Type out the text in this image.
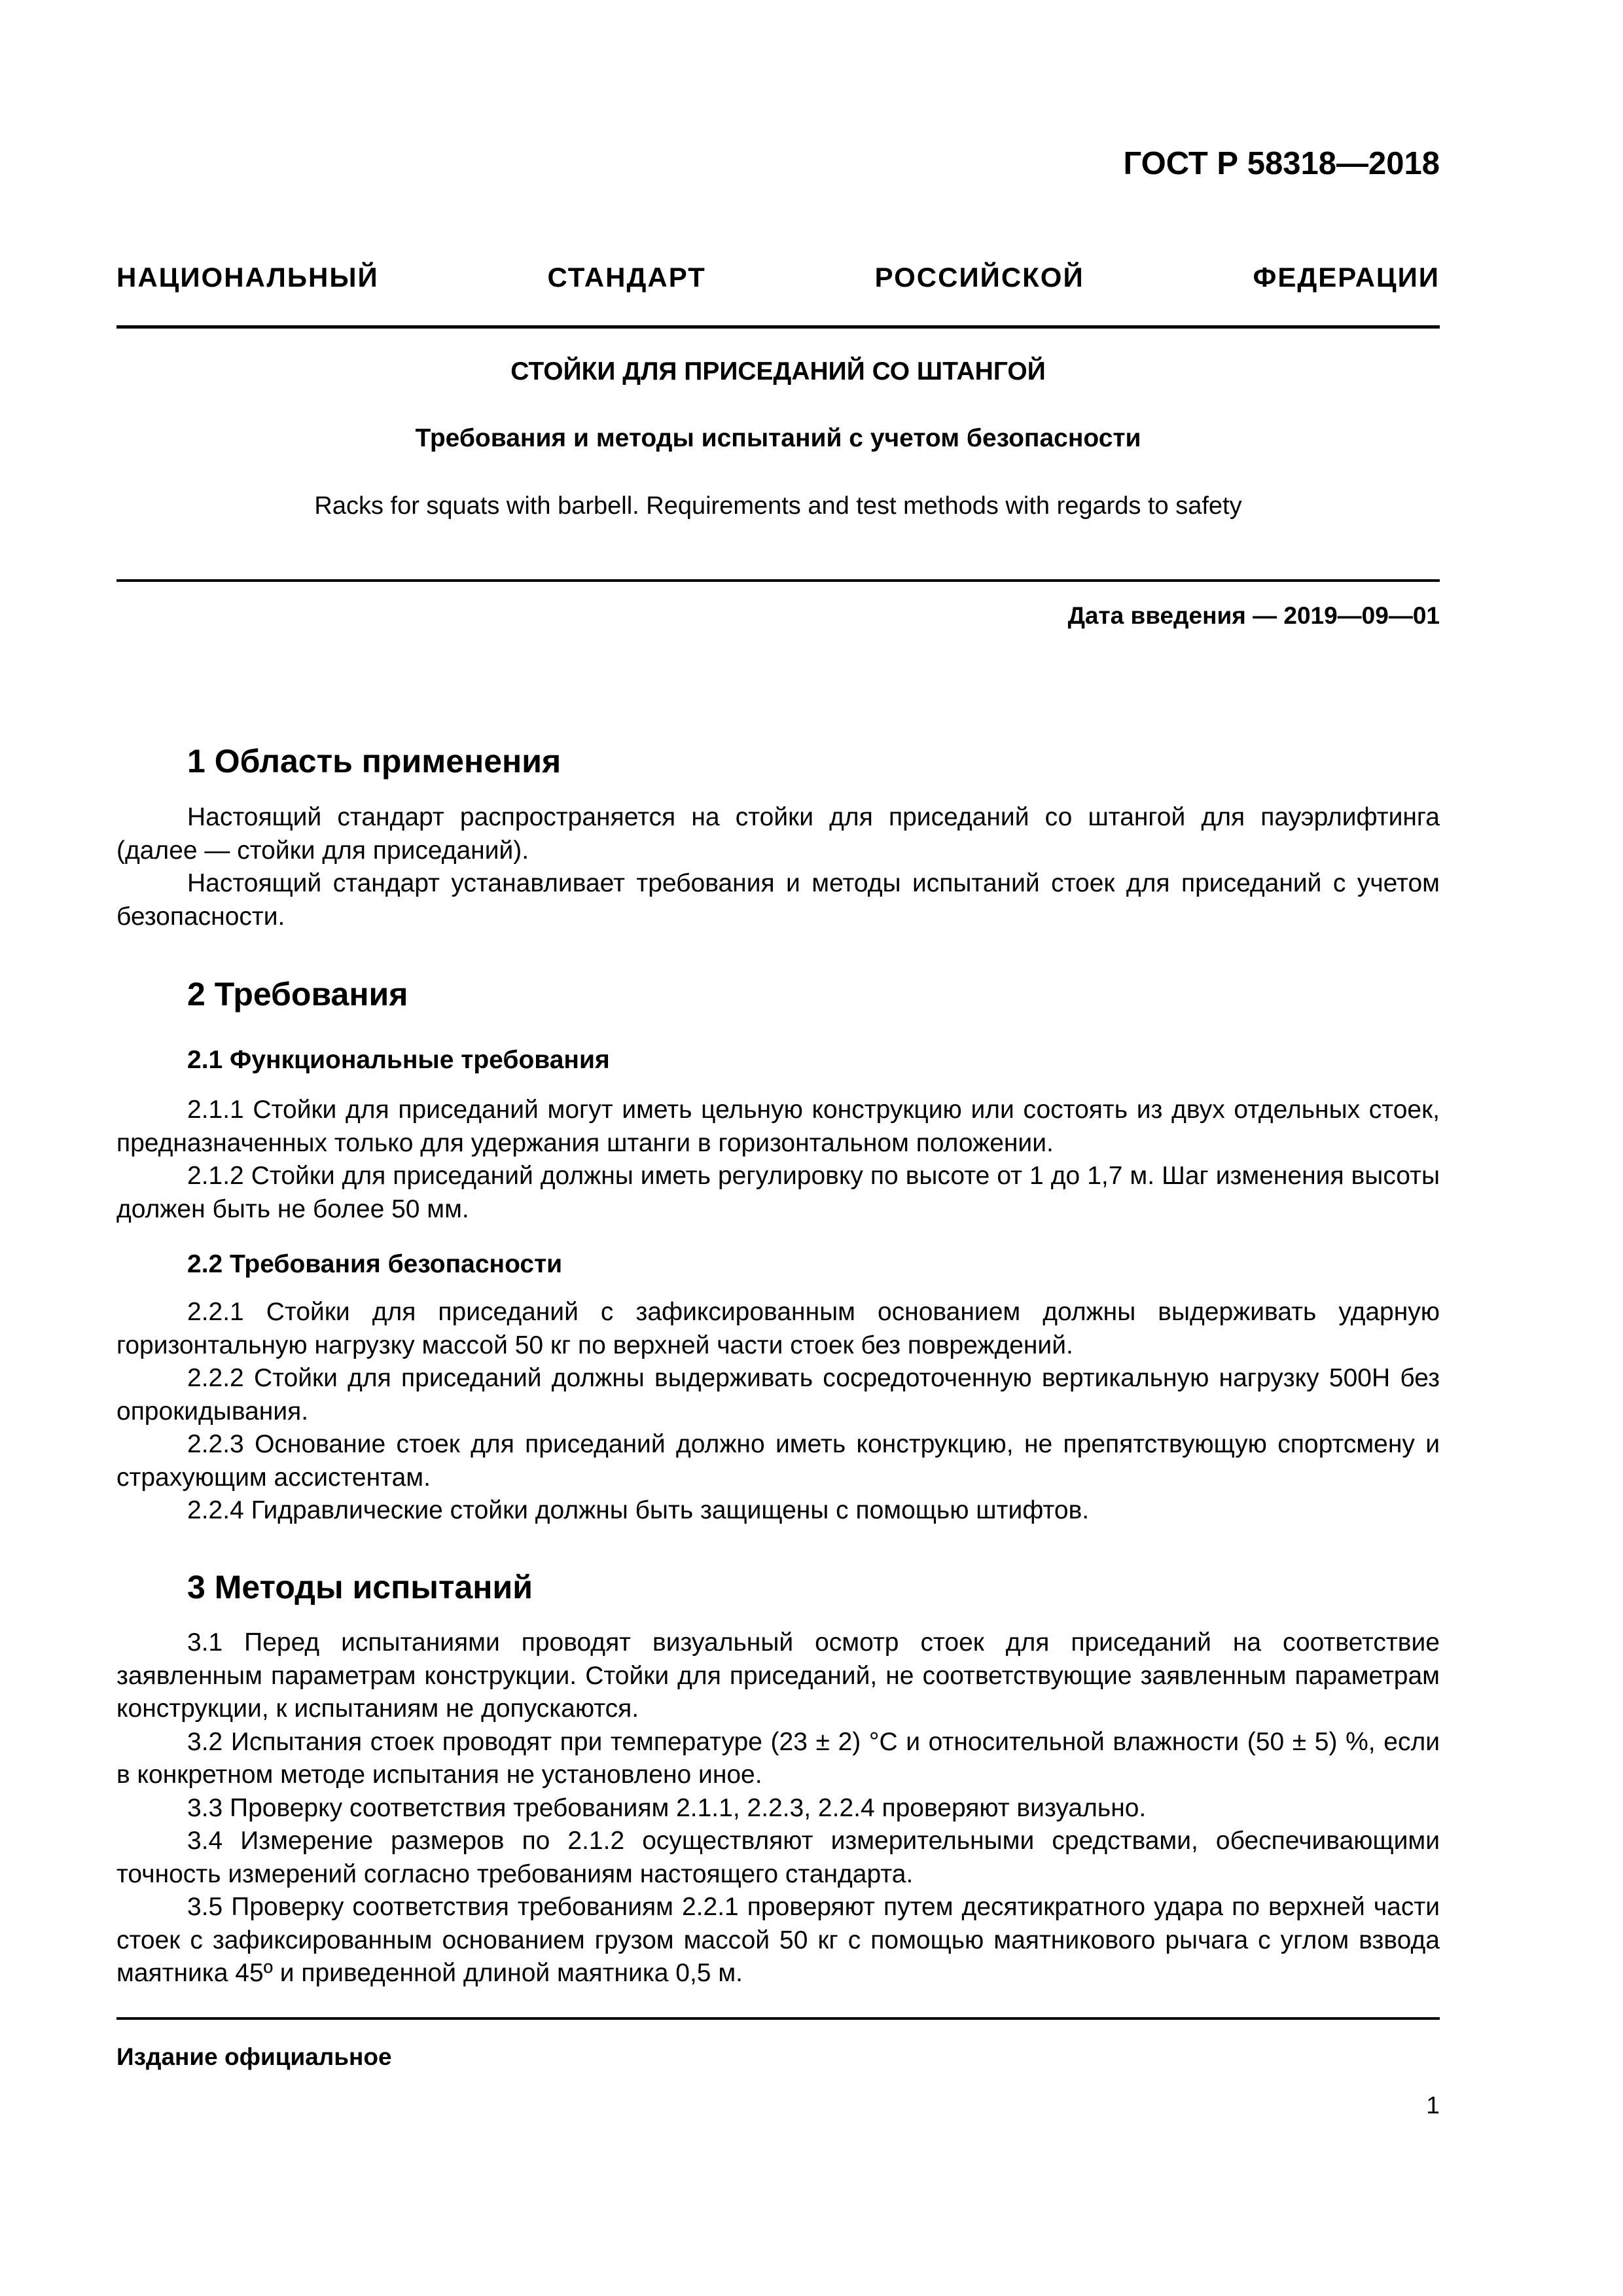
ГОСТ Р 58318—2018
НАЦИОНАЛЬНЫЙ СТАНДАРТ РОССИЙСКОЙ ФЕДЕРАЦИИ
СТОЙКИ ДЛЯ ПРИСЕДАНИЙ СО ШТАНГОЙ
Требования и методы испытаний с учетом безопасности
Racks for squats with barbell. Requirements and test methods with regards to safety
Дата введения — 2019—09—01
1 Область применения

Настоящий стандарт распространяется на стойки для приседаний со штангой для пауэрлифтинга (далее — стойки для приседаний).

Настоящий стандарт устанавливает требования и методы испытаний стоек для приседаний с учетом безопасности.

2 Требования
2.1 Функциональные требования

2.1.1 Стойки для приседаний могут иметь цельную конструкцию или состоять из двух отдельных стоек, предназначенных только для удержания штанги в горизонтальном положении.

2.1.2 Стойки для приседаний должны иметь регулировку по высоте от 1 до 1,7 м. Шаг изменения высоты должен быть не более 50 мм.

2.2 Требования безопасности

2.2.1 Стойки для приседаний с зафиксированным основанием должны выдерживать ударную горизонтальную нагрузку массой 50 кг по верхней части стоек без повреждений.

2.2.2 Стойки для приседаний должны выдерживать сосредоточенную вертикальную нагрузку 500Н без опрокидывания.

2.2.3 Основание стоек для приседаний должно иметь конструкцию, не препятствующую спортсмену и страхующим ассистентам.

2.2.4 Гидравлические стойки должны быть защищены с помощью штифтов.

3 Методы испытаний

3.1 Перед испытаниями проводят визуальный осмотр стоек для приседаний на соответствие заявленным параметрам конструкции. Стойки для приседаний, не соответствующие заявленным параметрам конструкции, к испытаниям не допускаются.

3.2 Испытания стоек проводят при температуре (23 ± 2) °С и относительной влажности (50 ± 5) %, если в конкретном методе испытания не установлено иное.

3.3 Проверку соответствия требованиям 2.1.1, 2.2.3, 2.2.4 проверяют визуально.

3.4 Измерение размеров по 2.1.2 осуществляют измерительными средствами, обеспечивающими точность измерений согласно требованиям настоящего стандарта.

3.5 Проверку соответствия требованиям 2.2.1 проверяют путем десятикратного удара по верхней части стоек с зафиксированным основанием грузом массой 50 кг с помощью маятникового рычага с углом взвода маятника 45º и приведенной длиной маятника 0,5 м.

Издание официальное
1
